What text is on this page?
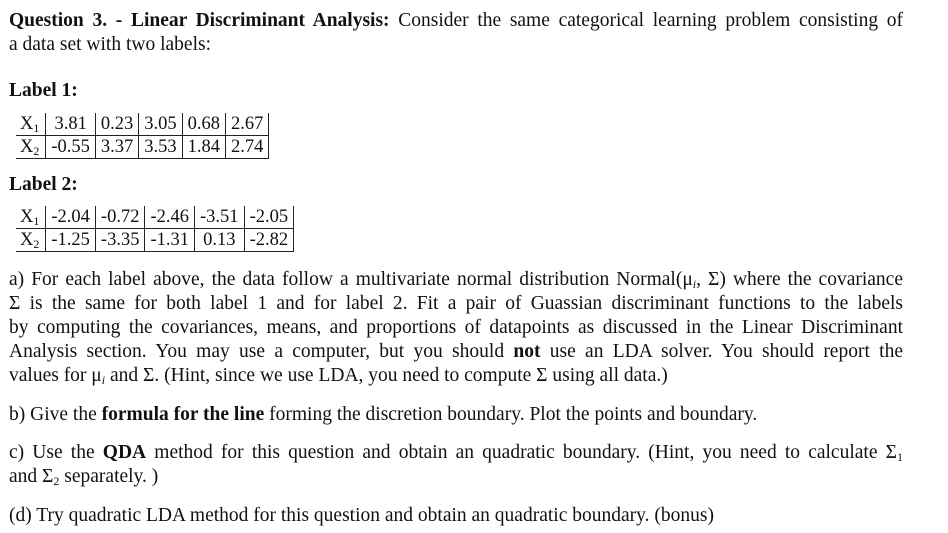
Question 3. - Linear Discriminant Analysis: Consider the same categorical learning problem consisting of
a data set with two labels:
Label 1:
$X_1$	3.81	0.23	3.05	0.68	2.67
$X_2$	-0.55	3.37	3.53	1.84	2.74
Label 2:
$X_1$	-2.04	-0.72	-2.46	-3.51	-2.05
$X_2$	-1.25	-3.35	-1.31	0.13	-2.82
a) For each label above, the data follow a multivariate normal distribution $Normal(\mu_i$, Σ) where the covariance
Σ is the same for both label 1 and for label 2. Fit a pair of Guassian discriminant functions to the labels
by computing the covariances, means, and proportions of datapoints as discussed in the Linear Discriminant
Analysis section. You may use a computer, but you should not use an LDA solver. You should report the
values for $\mu_i$ and Σ. (Hint, since we use LDA, you need to compute Σ using all data.)
b) Give the formula for the line forming the discretion boundary. Plot the points and boundary.
c) Use the QDA method for this question and obtain an quadratic boundary. (Hint, you need to calculate $\Sigma_1$
and $\Sigma_2$ separately. )
(d) Try quadratic LDA method for this question and obtain an quadratic boundary. (bonus)
